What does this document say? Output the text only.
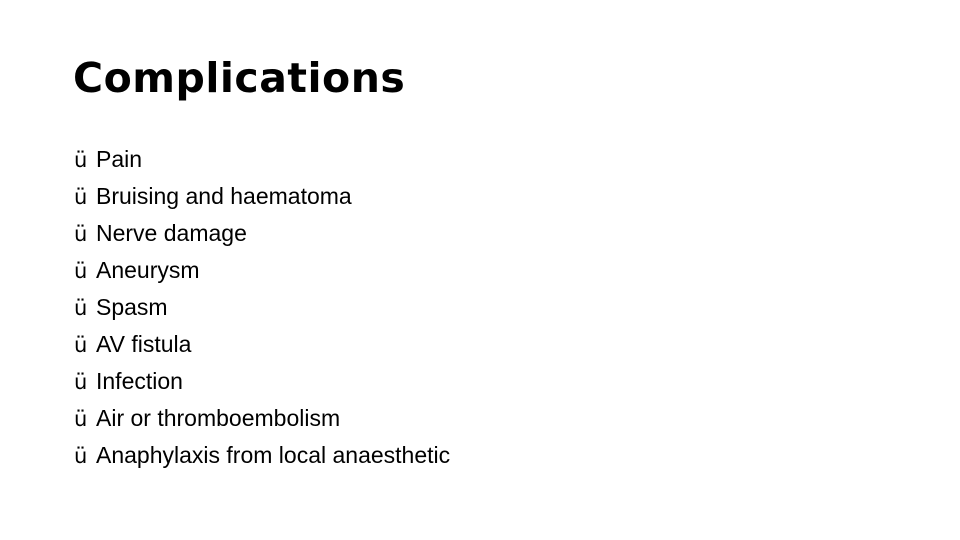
Complications
ü Pain
ü Bruising and haematoma
ü Nerve damage
ü Aneurysm
ü Spasm
ü AV fistula
ü Infection
ü Air or thromboembolism
ü Anaphylaxis from local anaesthetic
